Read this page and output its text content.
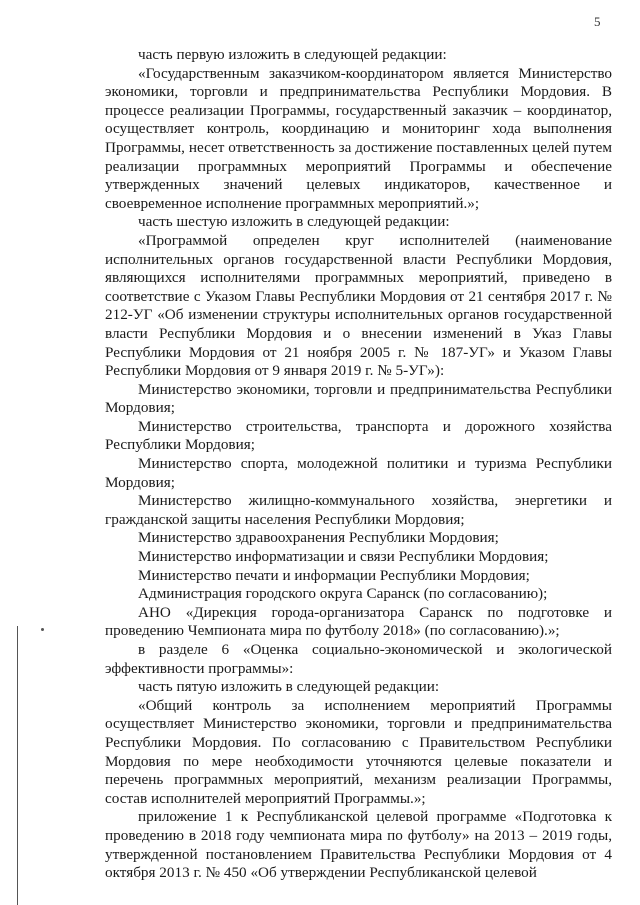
5

часть первую изложить в следующей редакции:

«Государственным заказчиком-координатором является Министерство экономики, торговли и предпринимательства Республики Мордовия. В процессе реализации Программы, государственный заказчик – координатор, осуществляет контроль, координацию и мониторинг хода выполнения Программы, несет ответственность за достижение поставленных целей путем реализации программных мероприятий Программы и обеспечение утвержденных значений целевых индикаторов, качественное и своевременное исполнение программных мероприятий.»;

часть шестую изложить в следующей редакции:

«Программой определен круг исполнителей (наименование исполнительных органов государственной власти Республики Мордовия, являющихся исполнителями программных мероприятий, приведено в соответствие с Указом Главы Республики Мордовия от 21 сентября 2017 г. № 212-УГ «Об изменении структуры исполнительных органов государственной власти Республики Мордовия и о внесении изменений в Указ Главы Республики Мордовия от 21 ноября 2005 г. № 187-УГ» и Указом Главы Республики Мордовия от 9 января 2019 г. № 5-УГ»):

Министерство экономики, торговли и предпринимательства Республики Мордовия;

Министерство строительства, транспорта и дорожного хозяйства Республики Мордовия;

Министерство спорта, молодежной политики и туризма Республики Мордовия;

Министерство жилищно-коммунального хозяйства, энергетики и гражданской защиты населения Республики Мордовия;

Министерство здравоохранения Республики Мордовия;

Министерство информатизации и связи Республики Мордовия;

Министерство печати и информации Республики Мордовия;

Администрация городского округа Саранск (по согласованию);

АНО «Дирекция города-организатора Саранск по подготовке и проведению Чемпионата мира по футболу 2018» (по согласованию).»;

в разделе 6 «Оценка социально-экономической и экологической эффективности программы»:

часть пятую изложить в следующей редакции:

«Общий контроль за исполнением мероприятий Программы осуществляет Министерство экономики, торговли и предпринимательства Республики Мордовия. По согласованию с Правительством Республики Мордовия по мере необходимости уточняются целевые показатели и перечень программных мероприятий, механизм реализации Программы, состав исполнителей мероприятий Программы.»;

приложение 1 к Республиканской целевой программе «Подготовка к проведению в 2018 году чемпионата мира по футболу» на 2013 – 2019 годы, утвержденной постановлением Правительства Республики Мордовия от 4 октября 2013 г. № 450 «Об утверждении Республиканской целевой
